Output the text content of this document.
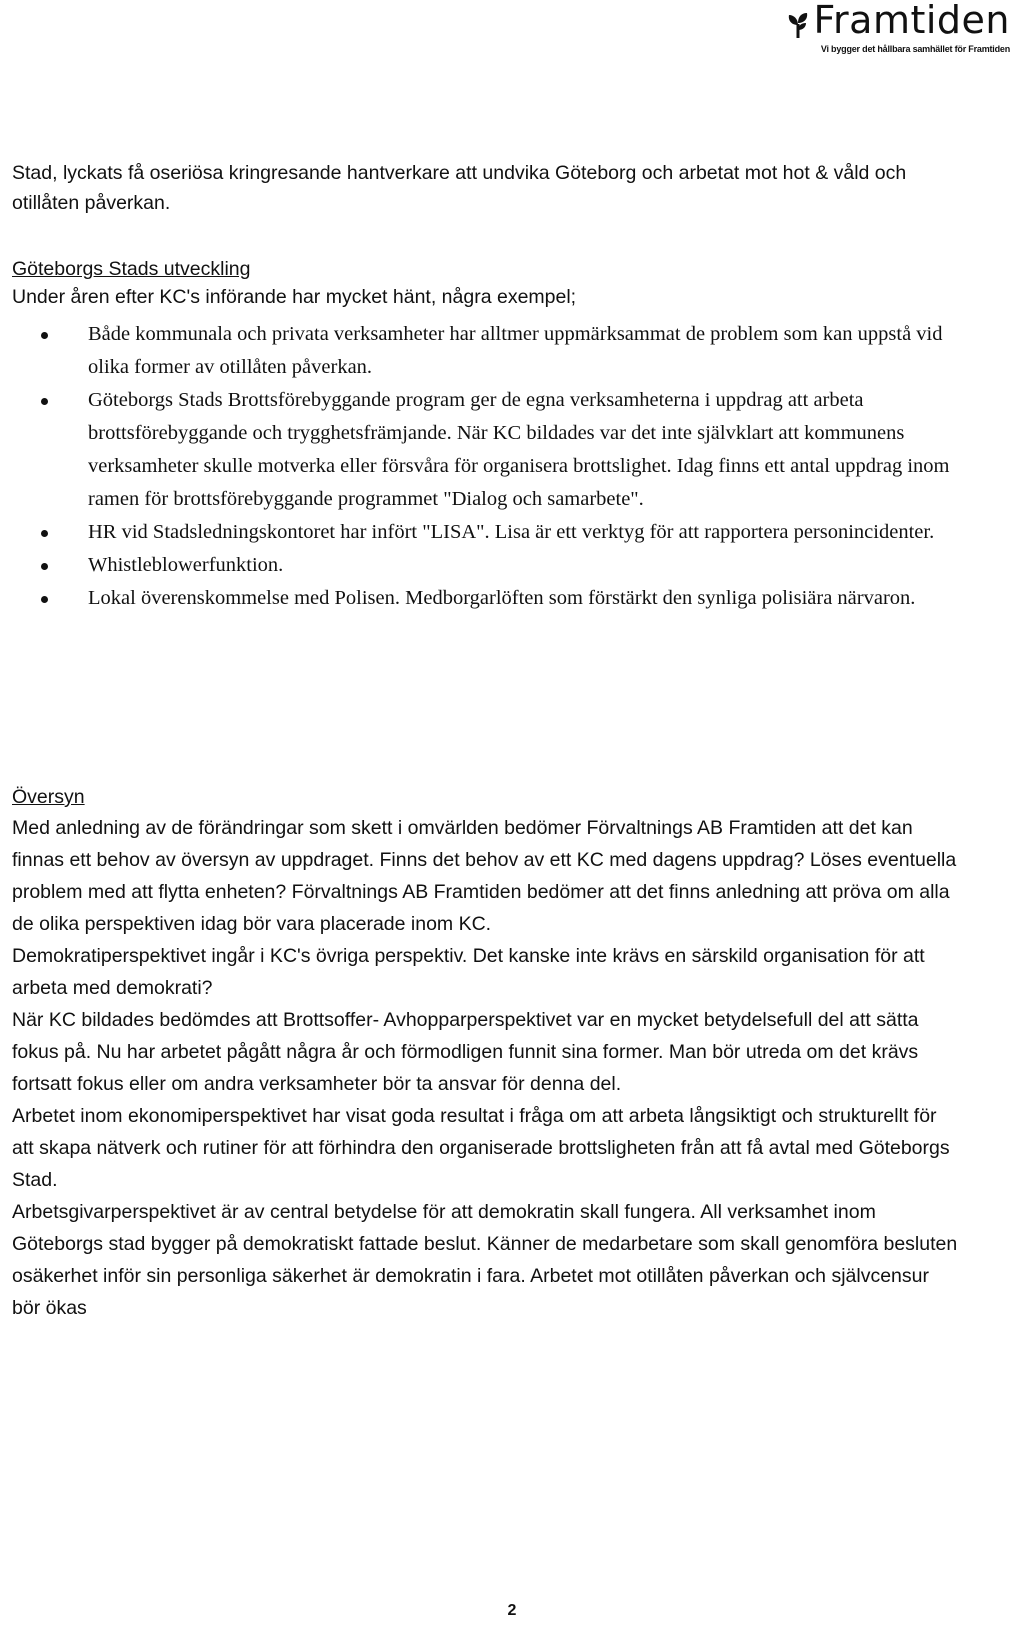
Framtiden
Vi bygger det hållbara samhället för Framtiden

Stad, lyckats få oseriösa kringresande hantverkare att undvika Göteborg och arbetat mot hot & våld och otillåten påverkan.

Göteborgs Stads utveckling

Under åren efter KC's införande har mycket hänt, några exempel;

Både kommunala och privata verksamheter har alltmer uppmärksammat de problem som kan uppstå vid olika former av otillåten påverkan.
Göteborgs Stads Brottsförebyggande program ger de egna verksamheterna i uppdrag att arbeta brottsförebyggande och trygghetsfrämjande. När KC bildades var det inte självklart att kommunens verksamheter skulle motverka eller försvåra för organisera brottslighet. Idag finns ett antal uppdrag inom ramen för brottsförebyggande programmet "Dialog och samarbete".
HR vid Stadsledningskontoret har infört "LISA". Lisa är ett verktyg för att rapportera personincidenter.
Whistleblowerfunktion.
Lokal överenskommelse med Polisen. Medborgarlöften som förstärkt den synliga polisiära närvaron.

Översyn

Med anledning av de förändringar som skett i omvärlden bedömer Förvaltnings AB Framtiden att det kan finnas ett behov av översyn av uppdraget. Finns det behov av ett KC med dagens uppdrag? Löses eventuella problem med att flytta enheten? Förvaltnings AB Framtiden bedömer att det finns anledning att pröva om alla de olika perspektiven idag bör vara placerade inom KC.

Demokratiperspektivet ingår i KC's övriga perspektiv. Det kanske inte krävs en särskild organisation för att arbeta med demokrati?

När KC bildades bedömdes att Brottsoffer- Avhopparperspektivet var en mycket betydelsefull del att sätta fokus på. Nu har arbetet pågått några år och förmodligen funnit sina former. Man bör utreda om det krävs fortsatt fokus eller om andra verksamheter bör ta ansvar för denna del.

Arbetet inom ekonomiperspektivet har visat goda resultat i fråga om att arbeta långsiktigt och strukturellt för att skapa nätverk och rutiner för att förhindra den organiserade brottsligheten från att få avtal med Göteborgs Stad.

Arbetsgivarperspektivet är av central betydelse för att demokratin skall fungera. All verksamhet inom Göteborgs stad bygger på demokratiskt fattade beslut. Känner de medarbetare som skall genomföra besluten osäkerhet inför sin personliga säkerhet är demokratin i fara. Arbetet mot otillåten påverkan och självcensur bör ökas

2
